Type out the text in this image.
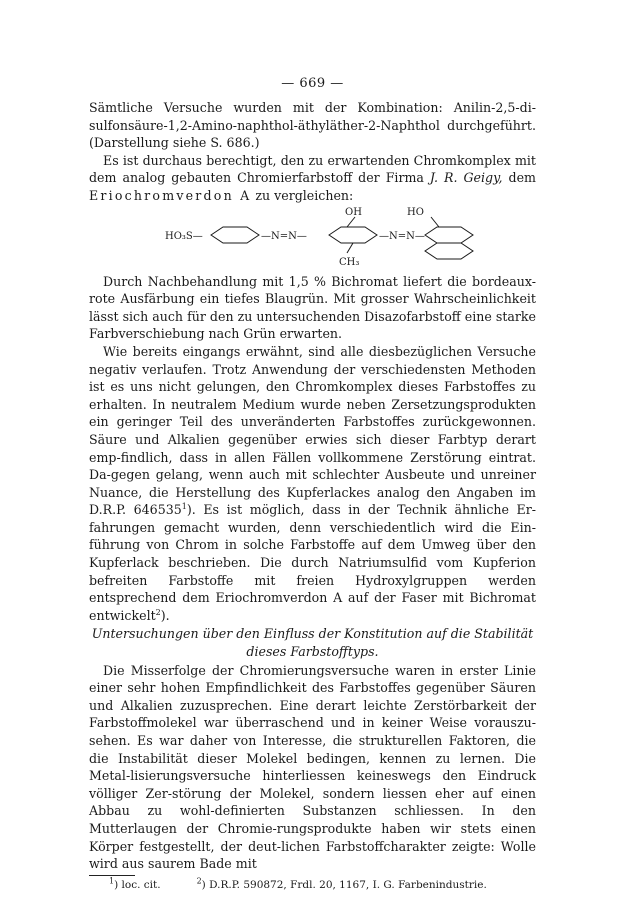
— 669 —

Sämtliche Versuche wurden mit der Kombination: Anilin-2,5-di-sulfonsäure-1,2-Amino-naphthol-äthyläther-2-Naphthol durchgeführt. (Darstellung siehe S. 686.)

Es ist durchaus berechtigt, den zu erwartenden Chromkomplex mit dem analog gebauten Chromierfarbstoff der Firma J. R. Geigy, dem Eriochromverdon A zu vergleichen:

HO₃S—	—N=N—	—N=N—
OH	HO
CH₃

Durch Nachbehandlung mit 1,5 % Bichromat liefert die bordeaux-rote Ausfärbung ein tiefes Blaugrün. Mit grosser Wahrscheinlichkeit lässt sich auch für den zu untersuchenden Disazofarbstoff eine starke Farbverschiebung nach Grün erwarten.

Wie bereits eingangs erwähnt, sind alle diesbezüglichen Versuche negativ verlaufen. Trotz Anwendung der verschiedensten Methoden ist es uns nicht gelungen, den Chromkomplex dieses Farbstoffes zu erhalten. In neutralem Medium wurde neben Zersetzungsprodukten ein geringer Teil des unveränderten Farbstoffes zurückgewonnen. Säure und Alkalien gegenüber erwies sich dieser Farbtyp derart emp-findlich, dass in allen Fällen vollkommene Zerstörung eintrat. Da-gegen gelang, wenn auch mit schlechter Ausbeute und unreiner Nuance, die Herstellung des Kupferlackes analog den Angaben im D.R.P. 646535$^1$). Es ist möglich, dass in der Technik ähnliche Er-fahrungen gemacht wurden, denn verschiedentlich wird die Ein-führung von Chrom in solche Farbstoffe auf dem Umweg über den Kupferlack beschrieben. Die durch Natriumsulfid vom Kupferion befreiten Farbstoffe mit freien Hydroxylgruppen werden entsprechend dem Eriochromverdon A auf der Faser mit Bichromat entwickelt$^2$).

Untersuchungen über den Einfluss der Konstitution auf die Stabilität dieses Farbstofftyps.

Die Misserfolge der Chromierungsversuche waren in erster Linie einer sehr hohen Empfindlichkeit des Farbstoffes gegenüber Säuren und Alkalien zuzusprechen. Eine derart leichte Zerstörbarkeit der Farbstoffmolekel war überraschend und in keiner Weise vorauszu-sehen. Es war daher von Interesse, die strukturellen Faktoren, die die Instabilität dieser Molekel bedingen, kennen zu lernen. Die Metal-lisierungsversuche hinterliessen keineswegs den Eindruck völliger Zer-störung der Molekel, sondern liessen eher auf einen Abbau zu wohl-definierten Substanzen schliessen. In den Mutterlaugen der Chromie-rungsprodukte haben wir stets einen Körper festgestellt, der deut-lichen Farbstoffcharakter zeigte: Wolle wird aus saurem Bade mit

$^1$) loc. cit.	$^2$) D.R.P. 590872, Frdl. 20, 1167, I. G. Farbenindustrie.
